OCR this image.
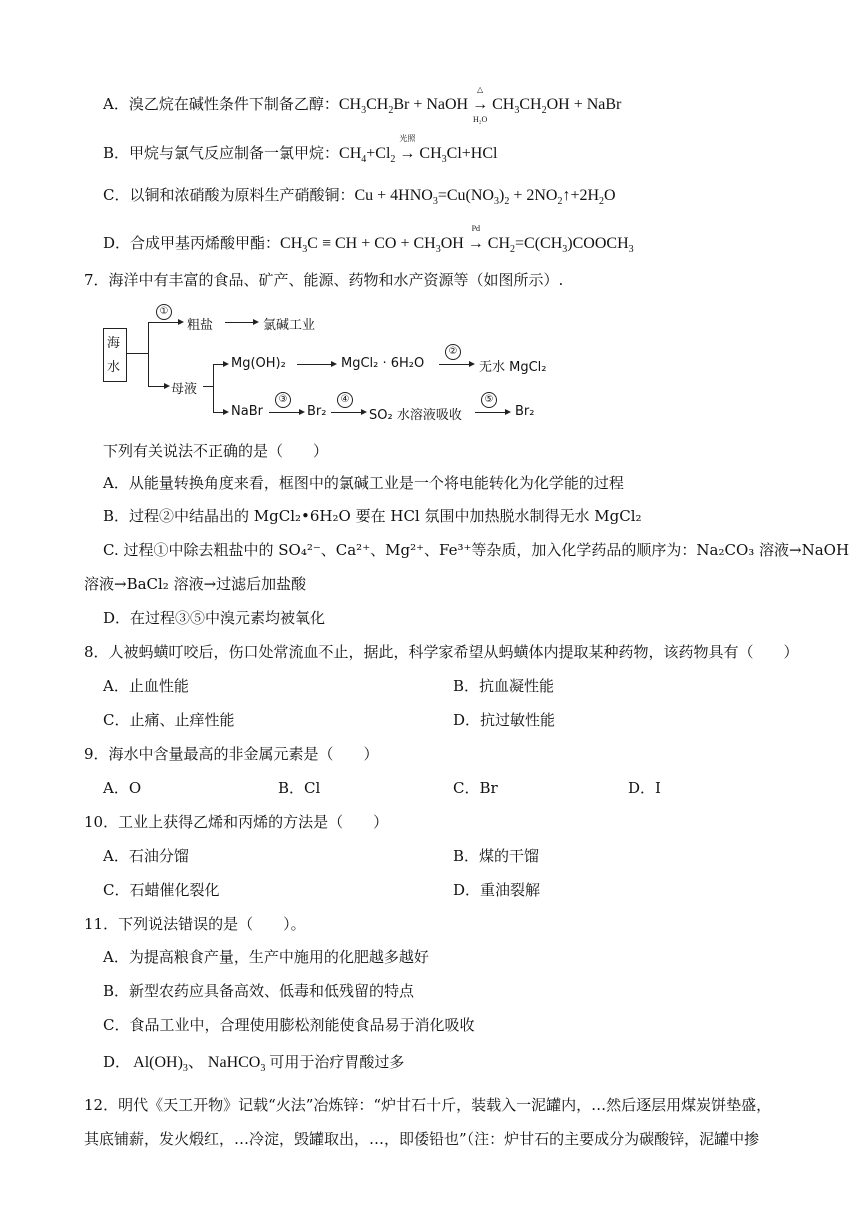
A．溴乙烷在碱性条件下制备乙醇：$CH_3CH_2Br$ + NaOH
△
→
H₂O
$CH_3CH_2OH$ + NaBr
B．甲烷与氯气反应制备一氯甲烷：$CH_4+Cl_2$
光照
→ $CH_3Cl+HCl$
C．以铜和浓硝酸为原料生产硝酸铜：$Cu + 4HNO_3=Cu(NO_3)_2$ + $2NO_2↑+2H_2O$
D．合成甲基丙烯酸甲酯：$CH_3C$ ≡ CH + CO + $CH_3OH$
Pd
→ $CH_2=C(CH_3)COOCH_3$
7．海洋中有丰富的食品、矿产、能源、药物和水产资源等（如图所示）.
海
水
①
粗盐	氯碱工业
母液
Mg(OH)₂	MgCl₂ · 6H₂O
②
无水 MgCl₂
NaBr
③
Br₂
④
SO₂ 水溶液吸收
⑤
Br₂
下列有关说法不正确的是（　　）
A．从能量转换角度来看，框图中的氯碱工业是一个将电能转化为化学能的过程
B．过程②中结晶出的 MgCl₂•6H₂O 要在 HCl 氛围中加热脱水制得无水 MgCl₂
C. 过程①中除去粗盐中的 SO₄²⁻、Ca²⁺、Mg²⁺、Fe³⁺等杂质，加入化学药品的顺序为：Na₂CO₃ 溶液→NaOH
溶液→BaCl₂ 溶液→过滤后加盐酸
D．在过程③⑤中溴元素均被氧化
8．人被蚂蟥叮咬后，伤口处常流血不止，据此，科学家希望从蚂蟥体内提取某种药物，该药物具有（　　）
A．止血性能	B．抗血凝性能
C．止痛、止痒性能	D．抗过敏性能
9．海水中含量最高的非金属元素是（　　）
A．O	B．Cl	C．Br	D．I
10．工业上获得乙烯和丙烯的方法是（　　）
A．石油分馏	B．煤的干馏
C．石蜡催化裂化	D．重油裂解
11．下列说法错误的是（　　）。
A．为提高粮食产量，生产中施用的化肥越多越好
B．新型农药应具备高效、低毒和低残留的特点
C．食品工业中，合理使用膨松剂能使食品易于消化吸收
D． $Al(OH)_3$、 NaHCO$_3$ 可用于治疗胃酸过多
12．明代《天工开物》记载“火法”冶炼锌：“炉甘石十斤，装载入一泥罐内，…然后逐层用煤炭饼垫盛，
其底铺薪，发火煅红，…冷淀，毁罐取出，…，即倭铅也”（注：炉甘石的主要成分为碳酸锌，泥罐中掺
